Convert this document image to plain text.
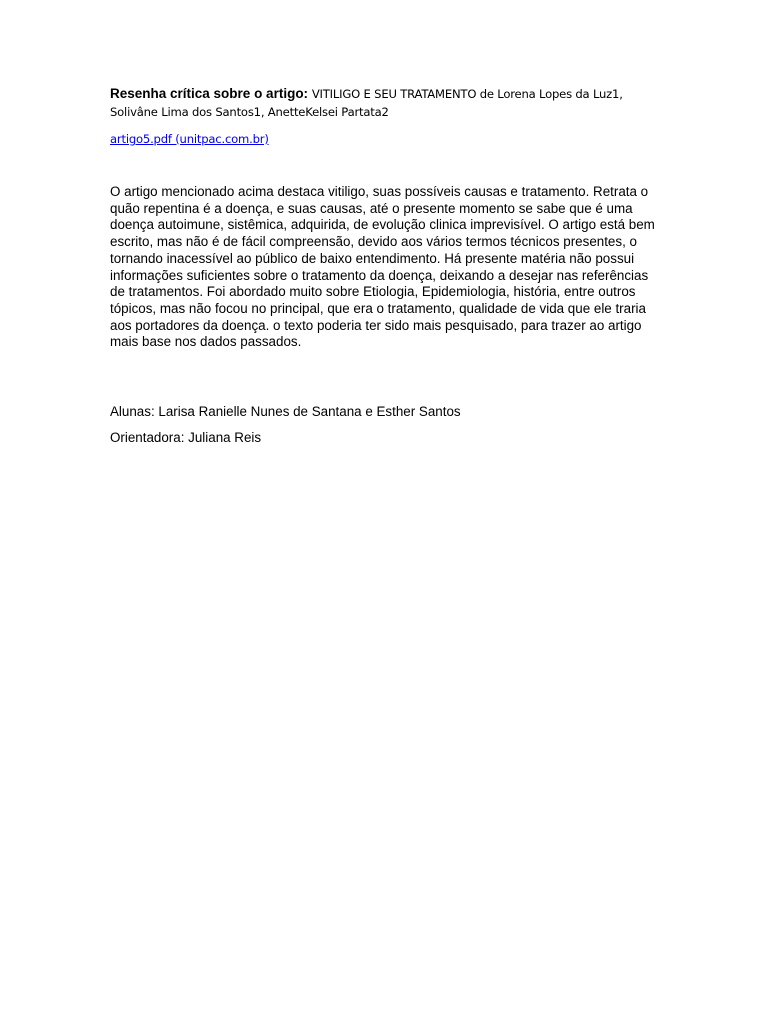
Resenha crítica sobre o artigo: VITILIGO E SEU TRATAMENTO de Lorena Lopes da Luz1, Solivâne Lima dos Santos1, AnetteKelsei Partata2
artigo5.pdf (unitpac.com.br)

O artigo mencionado acima destaca vitiligo, suas possíveis causas e tratamento. Retrata o quão repentina é a doença, e suas causas, até o presente momento se sabe que é uma doença autoimune, sistêmica, adquirida, de evolução clinica imprevisível. O artigo está bem escrito, mas não é de fácil compreensão, devido aos vários termos técnicos presentes, o tornando inacessível ao público de baixo entendimento. Há presente matéria não possui informações suficientes sobre o tratamento da doença, deixando a desejar nas referências de tratamentos. Foi abordado muito sobre Etiologia, Epidemiologia, história, entre outros tópicos, mas não focou no principal, que era o tratamento, qualidade de vida que ele traria aos portadores da doença. o texto poderia ter sido mais pesquisado, para trazer ao artigo mais base nos dados passados.

Alunas: Larisa Ranielle Nunes de Santana e Esther Santos
Orientadora: Juliana Reis
